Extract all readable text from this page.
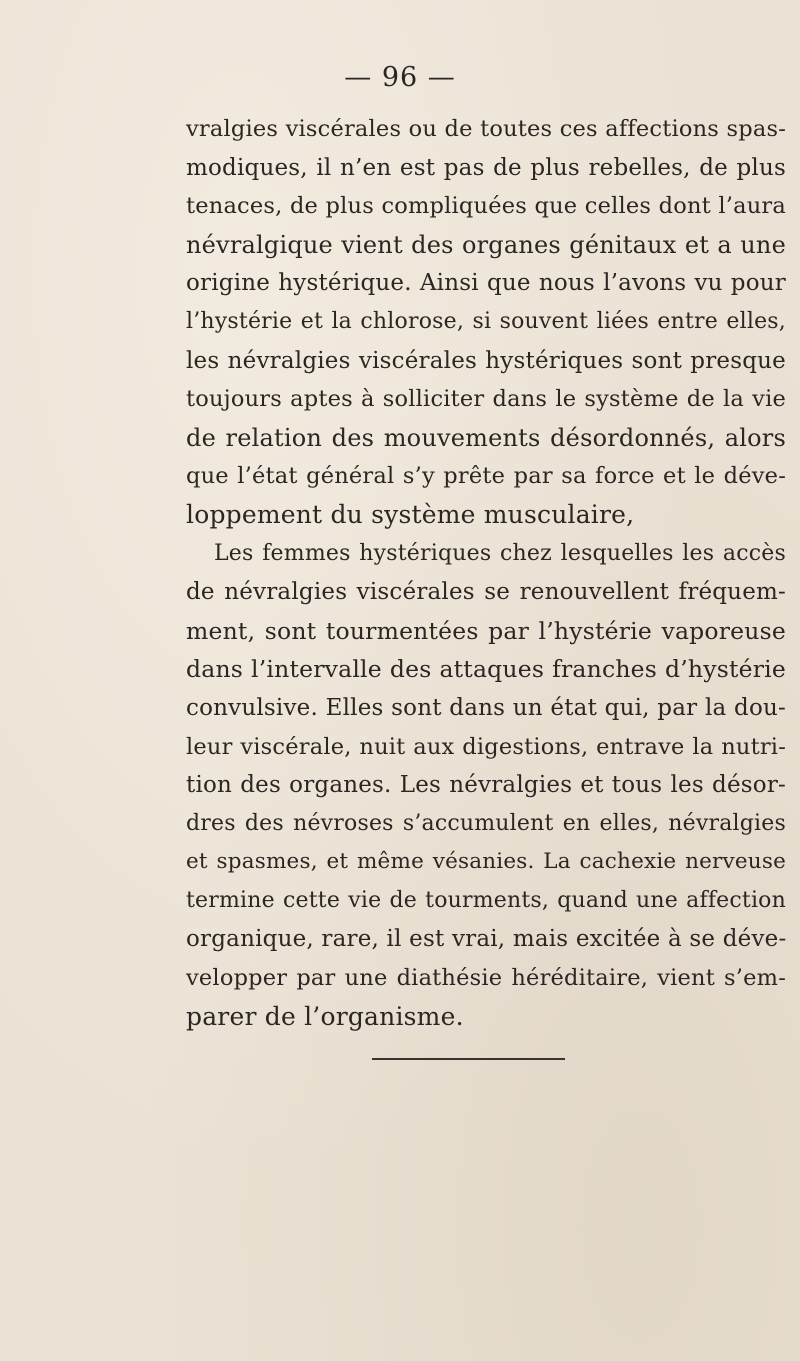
— 96 —
vralgies viscérales ou de toutes ces affections spas-
modiques, il n’en est pas de plus rebelles, de plus
tenaces, de plus compliquées que celles dont l’aura
névralgique vient des organes génitaux et a une
origine hystérique. Ainsi que nous l’avons vu pour
l’hystérie et la chlorose, si souvent liées entre elles,
les névralgies viscérales hystériques sont presque
toujours aptes à solliciter dans le système de la vie
de relation des mouvements désordonnés, alors
que l’état général s’y prête par sa force et le déve-
loppement du système musculaire,
Les femmes hystériques chez lesquelles les accès
de névralgies viscérales se renouvellent fréquem-
ment, sont tourmentées par l’hystérie vaporeuse
dans l’intervalle des attaques franches d’hystérie
convulsive. Elles sont dans un état qui, par la dou-
leur viscérale, nuit aux digestions, entrave la nutri-
tion des organes. Les névralgies et tous les désor-
dres des névroses s’accumulent en elles, névralgies
et spasmes, et même vésanies. La cachexie nerveuse
termine cette vie de tourments, quand une affection
organique, rare, il est vrai, mais excitée à se déve-
velopper par une diathésie héréditaire, vient s’em-
parer de l’organisme.
